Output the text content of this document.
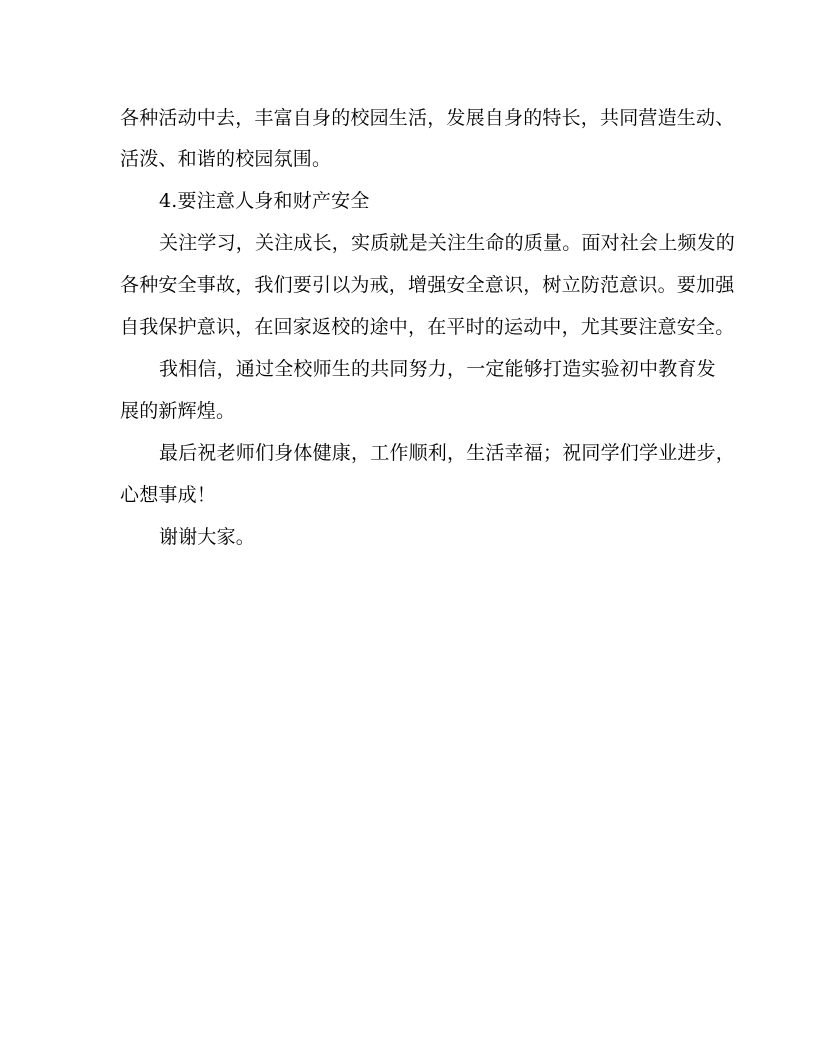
各种活动中去，丰富自身的校园生活，发展自身的特长，共同营造生动、
活泼、和谐的校园氛围。
4.要注意人身和财产安全
关注学习，关注成长，实质就是关注生命的质量。面对社会上频发的
各种安全事故，我们要引以为戒，增强安全意识，树立防范意识。要加强
自我保护意识，在回家返校的途中，在平时的运动中，尤其要注意安全。
我相信，通过全校师生的共同努力，一定能够打造实验初中教育发
展的新辉煌。
最后祝老师们身体健康，工作顺利，生活幸福；祝同学们学业进步，
心想事成！
谢谢大家。
